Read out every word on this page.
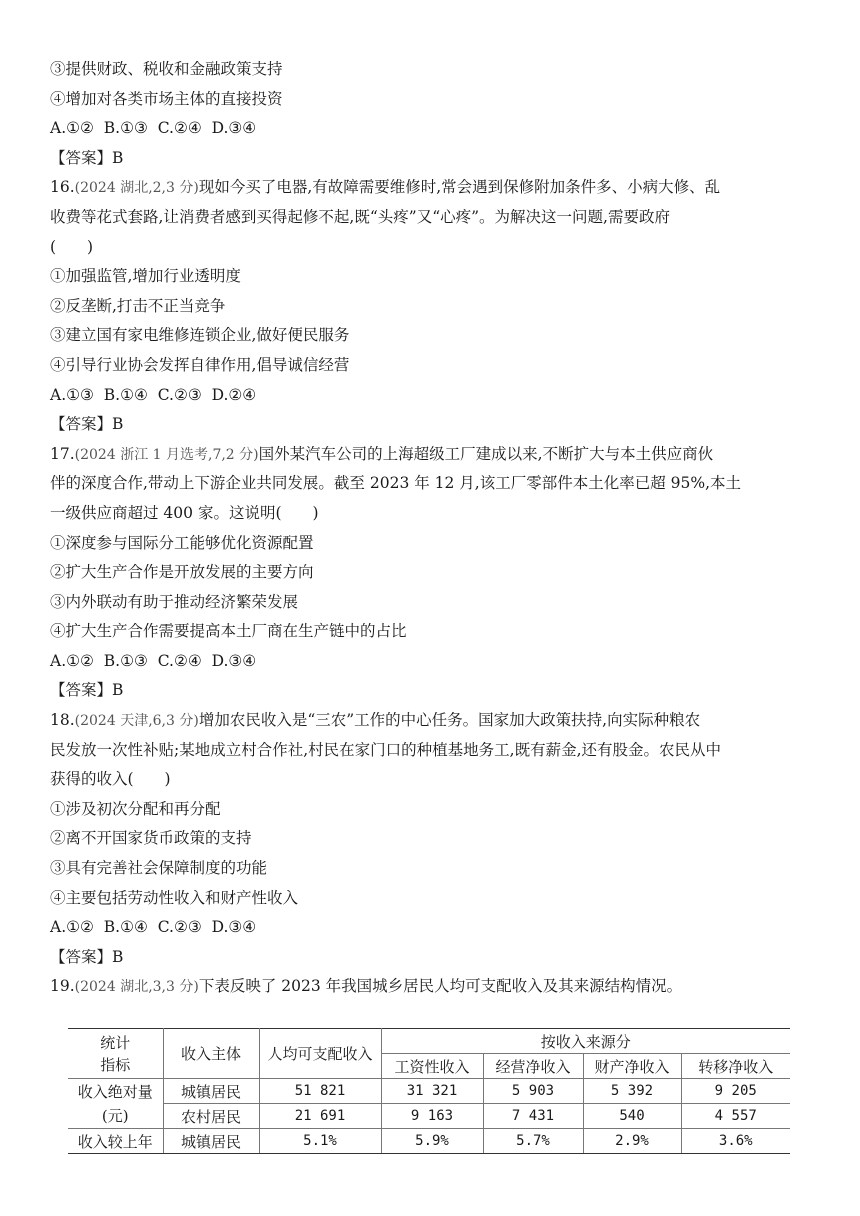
③提供财政、税收和金融政策支持
④增加对各类市场主体的直接投资
A.①②  B.①③  C.②④  D.③④
【答案】B
16.(2024 湖北,2,3 分)现如今买了电器,有故障需要维修时,常会遇到保修附加条件多、小病大修、乱
收费等花式套路,让消费者感到买得起修不起,既“头疼”又“心疼”。为解决这一问题,需要政府
(　　)
①加强监管,增加行业透明度
②反垄断,打击不正当竞争
③建立国有家电维修连锁企业,做好便民服务
④引导行业协会发挥自律作用,倡导诚信经营
A.①③  B.①④  C.②③  D.②④
【答案】B
17.(2024 浙江 1 月选考,7,2 分)国外某汽车公司的上海超级工厂建成以来,不断扩大与本土供应商伙
伴的深度合作,带动上下游企业共同发展。截至 2023 年 12 月,该工厂零部件本土化率已超 95%,本土
一级供应商超过 400 家。这说明(　　)
①深度参与国际分工能够优化资源配置
②扩大生产合作是开放发展的主要方向
③内外联动有助于推动经济繁荣发展
④扩大生产合作需要提高本土厂商在生产链中的占比
A.①②  B.①③  C.②④  D.③④
【答案】B
18.(2024 天津,6,3 分)增加农民收入是“三农”工作的中心任务。国家加大政策扶持,向实际种粮农
民发放一次性补贴;某地成立村合作社,村民在家门口的种植基地务工,既有薪金,还有股金。农民从中
获得的收入(　　)
①涉及初次分配和再分配
②离不开国家货币政策的支持
③具有完善社会保障制度的功能
④主要包括劳动性收入和财产性收入
A.①②  B.①④  C.②③  D.③④
【答案】B
19.(2024 湖北,3,3 分)下表反映了 2023 年我国城乡居民人均可支配收入及其来源结构情况。
统计
指标	收入主体	人均可支配收入	按收入来源分			
			工资性收入	经营净收入	财产净收入	转移净收入
收入绝对量	城镇居民	51 821	31 321	5 903	5 392	9 205
(元)	农村居民	21 691	9 163	7 431	540	4 557
收入较上年	城镇居民	5.1%	5.9%	5.7%	2.9%	3.6%
